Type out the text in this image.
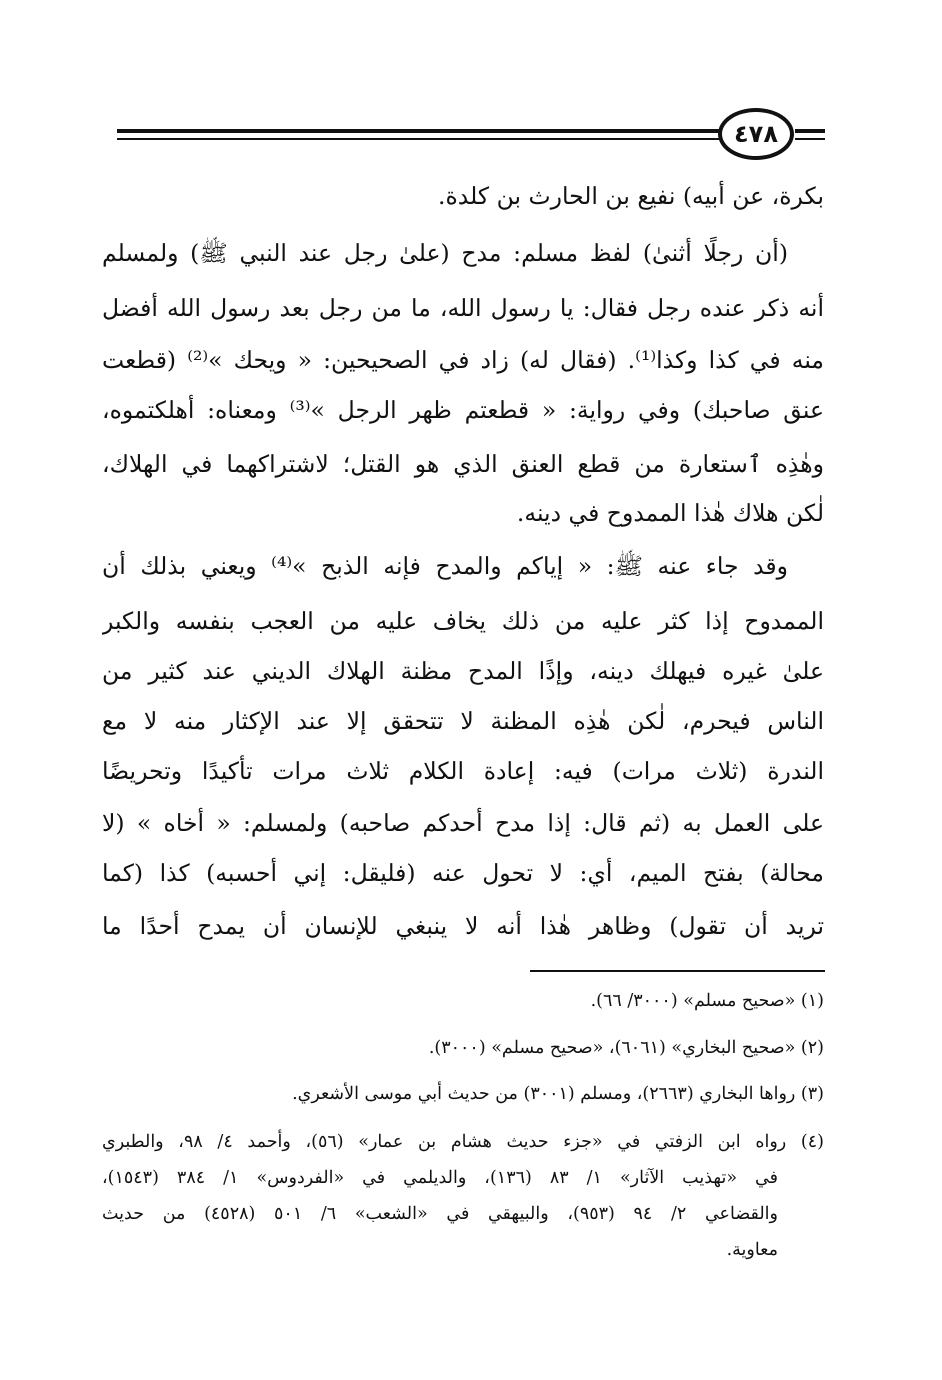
٤٧٨
بكرة، عن أبيه) نفيع بن الحارث بن كلدة.
(أن رجلًا أثنىٰ) لفظ مسلم: مدح (علىٰ رجل عند النبي ﷺ) ولمسلم
أنه ذكر عنده رجل فقال: يا رسول الله، ما من رجل بعد رسول الله أفضل
منه في كذا وكذا⁽¹⁾. (فقال له) زاد في الصحيحين: « ويحك »⁽²⁾ (قطعت
عنق صاحبك) وفي رواية: « قطعتم ظهر الرجل »⁽³⁾ ومعناه: أهلكتموه،
وهٰذِه ٱستعارة من قطع العنق الذي هو القتل؛ لاشتراكهما في الهلاك،
لٰكن هلاك هٰذا الممدوح في دينه.
وقد جاء عنه ﷺ: « إياكم والمدح فإنه الذبح »⁽⁴⁾ ويعني بذلك أن
الممدوح إذا كثر عليه من ذلك يخاف عليه من العجب بنفسه والكبر
علىٰ غيره فيهلك دينه، وإذًا المدح مظنة الهلاك الديني عند كثير من
الناس فيحرم، لٰكن هٰذِه المظنة لا تتحقق إلا عند الإكثار منه لا مع
الندرة (ثلاث مرات) فيه: إعادة الكلام ثلاث مرات تأكيدًا وتحريضًا
على العمل به (ثم قال: إذا مدح أحدكم صاحبه) ولمسلم: « أخاه » (لا
محالة) بفتح الميم، أي: لا تحول عنه (فليقل: إني أحسبه) كذا (كما
تريد أن تقول) وظاهر هٰذا أنه لا ينبغي للإنسان أن يمدح أحدًا ما
(١) «صحيح مسلم» (٣٠٠٠/ ٦٦).
(٢) «صحيح البخاري» (٦٠٦١)، «صحيح مسلم» (٣٠٠٠).
(٣) رواها البخاري (٢٦٦٣)، ومسلم (٣٠٠١) من حديث أبي موسى الأشعري.
(٤) رواه ابن الزفتي في «جزء حديث هشام بن عمار» (٥٦)، وأحمد ٤/ ٩٨، والطبري
في «تهذيب الآثار» ١/ ٨٣ (١٣٦)، والديلمي في «الفردوس» ١/ ٣٨٤ (١٥٤٣)،
والقضاعي ٢/ ٩٤ (٩٥٣)، والبيهقي في «الشعب» ٦/ ٥٠١ (٤٥٢٨) من حديث
معاوية.
